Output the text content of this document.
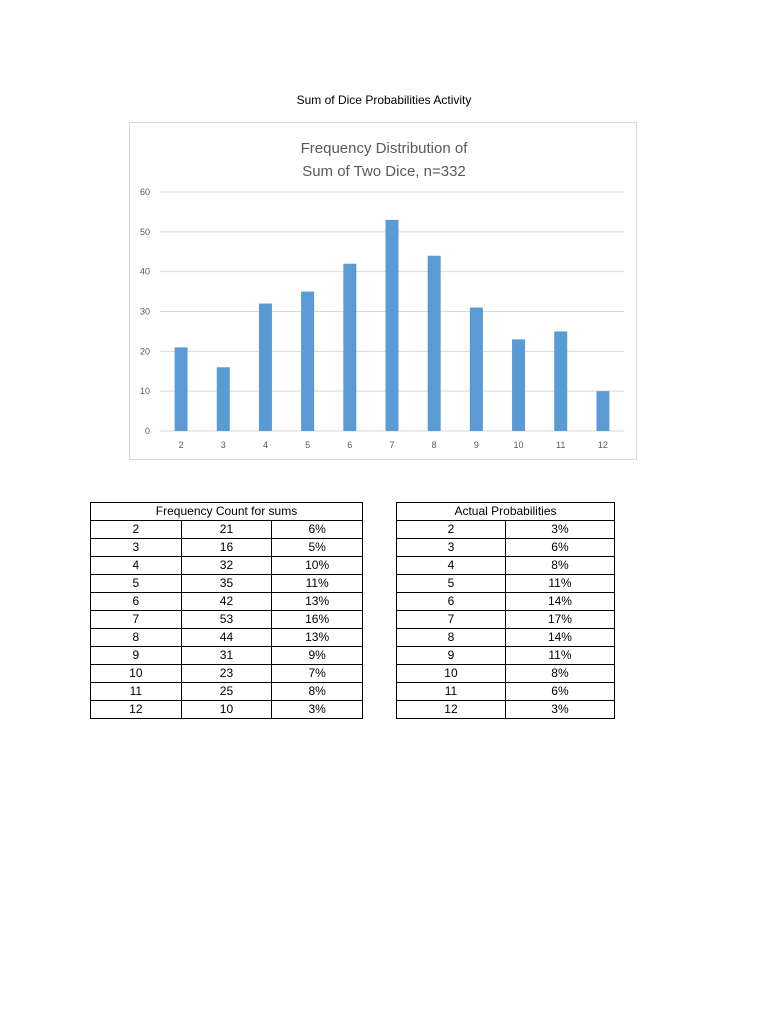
Sum of Dice Probabilities Activity
Frequency Distribution of
Sum of Two Dice, n=332
0
10
20
30
40
50
60
2	3	4	5	6	7	8	9	10	11	12
Frequency Count for sums		
2	21	6%
3	16	5%
4	32	10%
5	35	11%
6	42	13%
7	53	16%
8	44	13%
9	31	9%
10	23	7%
11	25	8%
12	10	3%
Actual Probabilities	
2	3%
3	6%
4	8%
5	11%
6	14%
7	17%
8	14%
9	11%
10	8%
11	6%
12	3%
